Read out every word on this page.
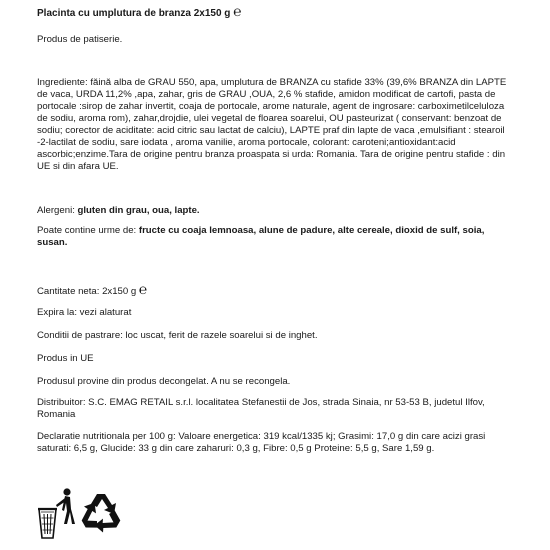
Placinta cu umplutura de branza 2x150 g ℮

Produs de patiserie.

Ingrediente: făină alba de GRAU 550, apa, umplutura de BRANZA cu stafide 33% (39,6% BRANZA din LAPTE de vaca, URDA 11,2% ,apa, zahar, gris de GRAU ,OUA, 2,6 % stafide, amidon modificat de cartofi, pasta de portocale :sirop de zahar invertit, coaja de portocale, arome naturale, agent de ingrosare: carboximetilceluloza de sodiu, aroma rom), zahar,drojdie, ulei vegetal de floarea soarelui, OU pasteurizat ( conservant: benzoat de sodiu; corector de aciditate: acid citric sau lactat de calciu), LAPTE praf din lapte de vaca ,emulsifiant : stearoil -2-lactilat de sodiu, sare iodata , aroma vanilie, aroma portocale, colorant: caroteni;antioxidant:acid ascorbic;enzime.Tara de origine pentru branza proaspata si urda: Romania. Tara de origine pentru stafide : din UE si din afara UE.

Alergeni: gluten din grau, oua, lapte.

Poate contine urme de: fructe cu coaja lemnoasa, alune de padure, alte cereale, dioxid de sulf, soia, susan.

Cantitate neta: 2x150 g ℮

Expira la: vezi alaturat

Conditii de pastrare: loc uscat, ferit de razele soarelui si de inghet.

Produs in UE

Produsul provine din produs decongelat. A nu se recongela.

Distribuitor: S.C. EMAG RETAIL s.r.l. localitatea Stefanestii de Jos, strada Sinaia, nr 53-53 B, judetul Ilfov, Romania

Declaratie nutritionala per 100 g: Valoare energetica: 319 kcal/1335 kj; Grasimi: 17,0 g din care acizi grasi saturati: 6,5 g, Glucide: 33 g din care zaharuri: 0,3 g, Fibre: 0,5 g Proteine: 5,5 g, Sare 1,59 g.
